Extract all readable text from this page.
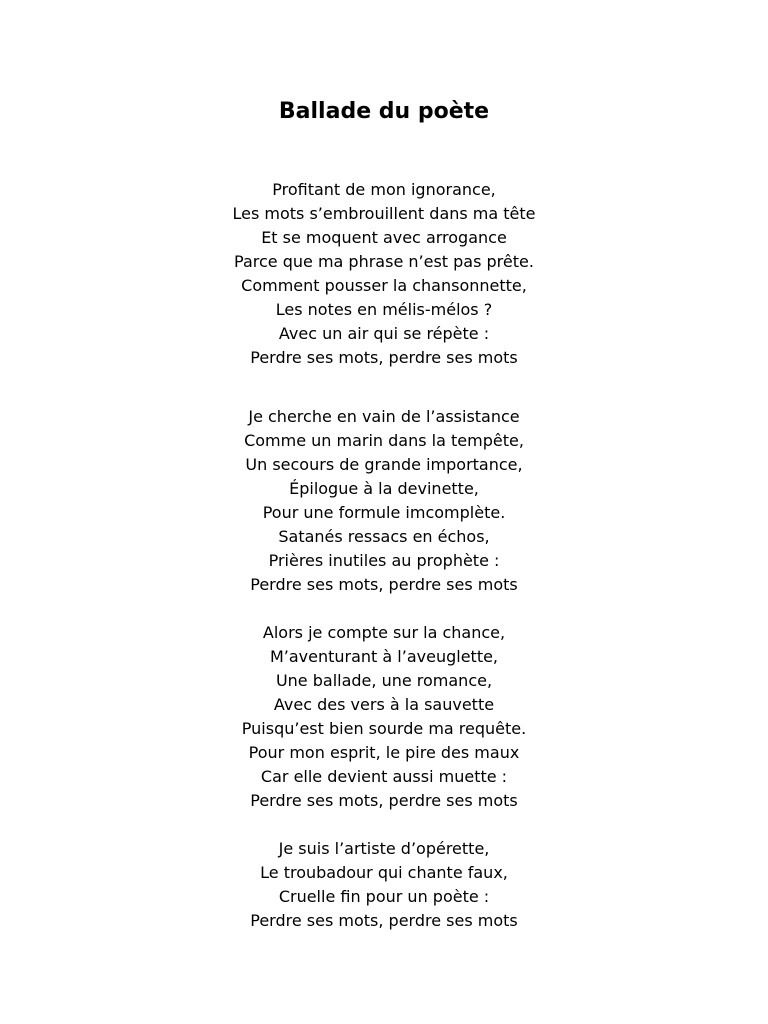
Ballade du poète
Profitant de mon ignorance,
Les mots s’embrouillent dans ma tête
Et se moquent avec arrogance
Parce que ma phrase n’est pas prête.
Comment pousser la chansonnette,
Les notes en mélis-mélos ?
Avec un air qui se répète :
Perdre ses mots, perdre ses mots
Je cherche en vain de l’assistance
Comme un marin dans la tempête,
Un secours de grande importance,
Épilogue à la devinette,
Pour une formule imcomplète.
Satanés ressacs en échos,
Prières inutiles au prophète :
Perdre ses mots, perdre ses mots
Alors je compte sur la chance,
M’aventurant à l’aveuglette,
Une ballade, une romance,
Avec des vers à la sauvette
Puisqu’est bien sourde ma requête.
Pour mon esprit, le pire des maux
Car elle devient aussi muette :
Perdre ses mots, perdre ses mots
Je suis l’artiste d’opérette,
Le troubadour qui chante faux,
Cruelle fin pour un poète :
Perdre ses mots, perdre ses mots
